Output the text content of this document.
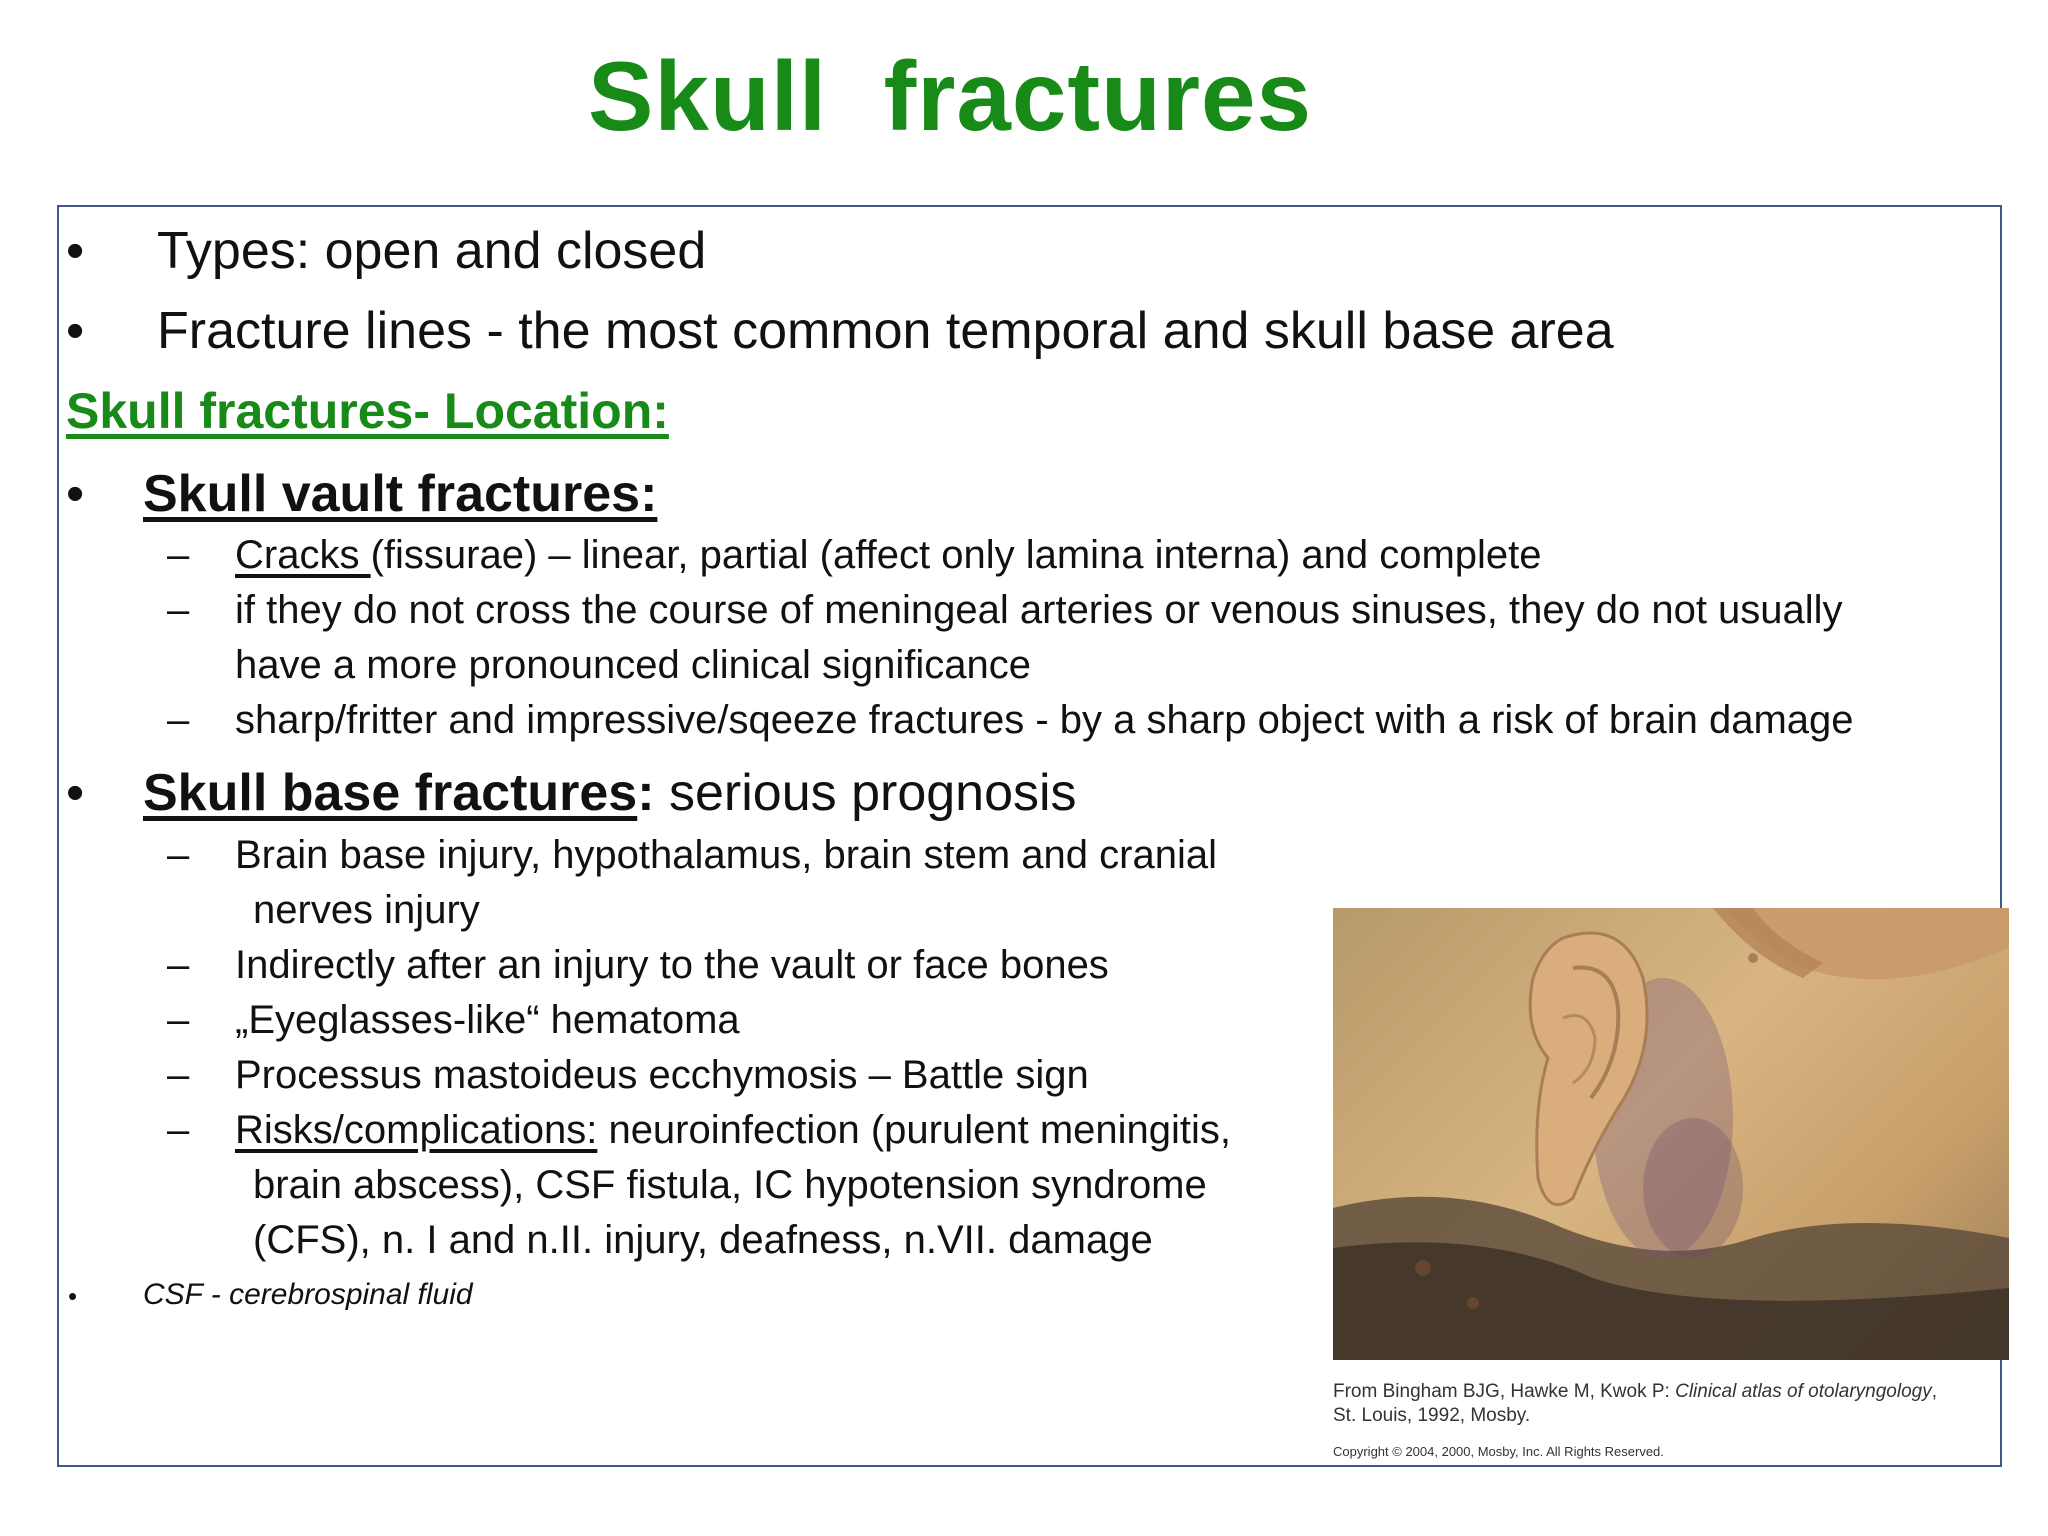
Skull  fractures
• Types: open and closed
• Fracture lines - the most common temporal and skull base area
Skull fractures- Location:
• Skull vault fractures:
– Cracks (fissurae) – linear, partial (affect only lamina interna) and complete
– if they do not cross the course of meningeal arteries or venous sinuses, they do not usually
have a more pronounced clinical significance
– sharp/fritter and impressive/sqeeze fractures - by a sharp object with a risk of brain damage
• Skull base fractures: serious prognosis
– Brain base injury, hypothalamus, brain stem and cranial
nerves injury
– Indirectly after an injury to the vault or face bones
– „Eyeglasses-like“ hematoma
– Processus mastoideus ecchymosis – Battle sign
– Risks/complications: neuroinfection (purulent meningitis,
brain abscess), CSF fistula, IC hypotension syndrome
(CFS), n. I and n.II. injury, deafness, n.VII. damage
• CSF - cerebrospinal fluid
From Bingham BJG, Hawke M, Kwok P: Clinical atlas of otolaryngology,
St. Louis, 1992, Mosby.
Copyright © 2004, 2000, Mosby, Inc. All Rights Reserved.
